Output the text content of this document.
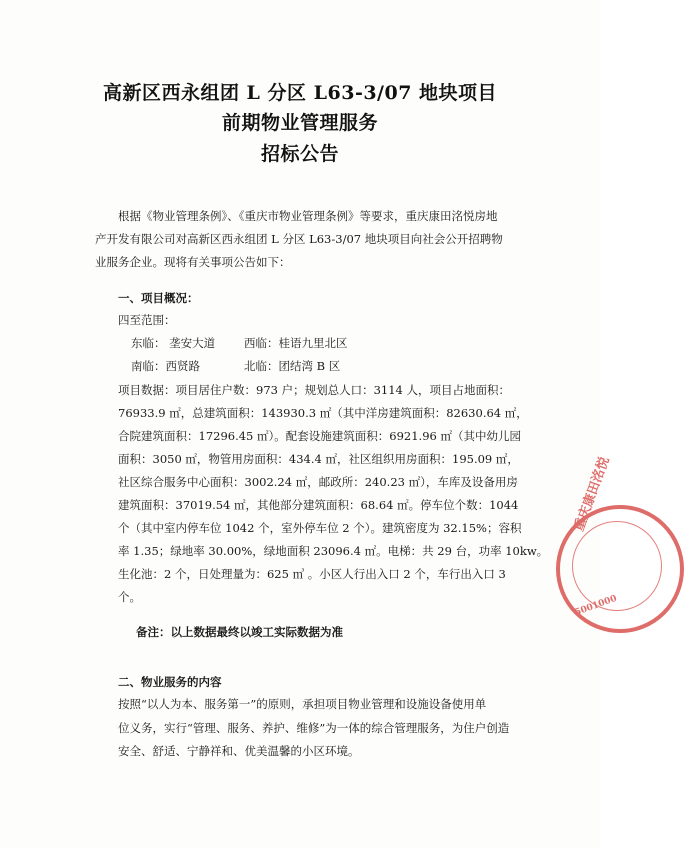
高新区西永组团 L 分区 L63-3/07 地块项目
前期物业管理服务
招标公告
根据《物业管理条例》、《重庆市物业管理条例》等要求，重庆康田洺悦房地
产开发有限公司对高新区西永组团 L 分区 L63-3/07 地块项目向社会公开招聘物
业服务企业。现将有关事项公告如下：
一、项目概况：
四至范围：
东临： 垄安大道	西临：桂语九里北区
南临：西贤路	北临：团结湾 B 区
项目数据：项目居住户数：973 户；规划总人口：3114 人，项目占地面积：
76933.9 ㎡，总建筑面积：143930.3 ㎡（其中洋房建筑面积：82630.64 ㎡，
合院建筑面积：17296.45 ㎡）。配套设施建筑面积：6921.96 ㎡（其中幼儿园
面积：3050 ㎡，物管用房面积：434.4 ㎡，社区组织用房面积：195.09 ㎡，
社区综合服务中心面积：3002.24 ㎡，邮政所：240.23 ㎡），车库及设备用房
建筑面积：37019.54 ㎡，其他部分建筑面积：68.64 ㎡。停车位个数：1044
个（其中室内停车位 1042 个，室外停车位 2 个）。建筑密度为 32.15%；容积
率 1.35；绿地率 30.00%，绿地面积 23096.4 ㎡。电梯：共 29 台，功率 10kw。
生化池：2 个，日处理量为：625 ㎥ 。小区人行出入口 2 个，车行出入口 3
个。
备注：以上数据最终以竣工实际数据为准
二、物业服务的内容
按照“以人为本、服务第一”的原则，承担项目物业管理和设施设备使用单
位义务，实行“管理、服务、养护、维修”为一体的综合管理服务，为住户创造
安全、舒适、宁静祥和、优美温馨的小区环境。
重庆康田洺悦
5001000
